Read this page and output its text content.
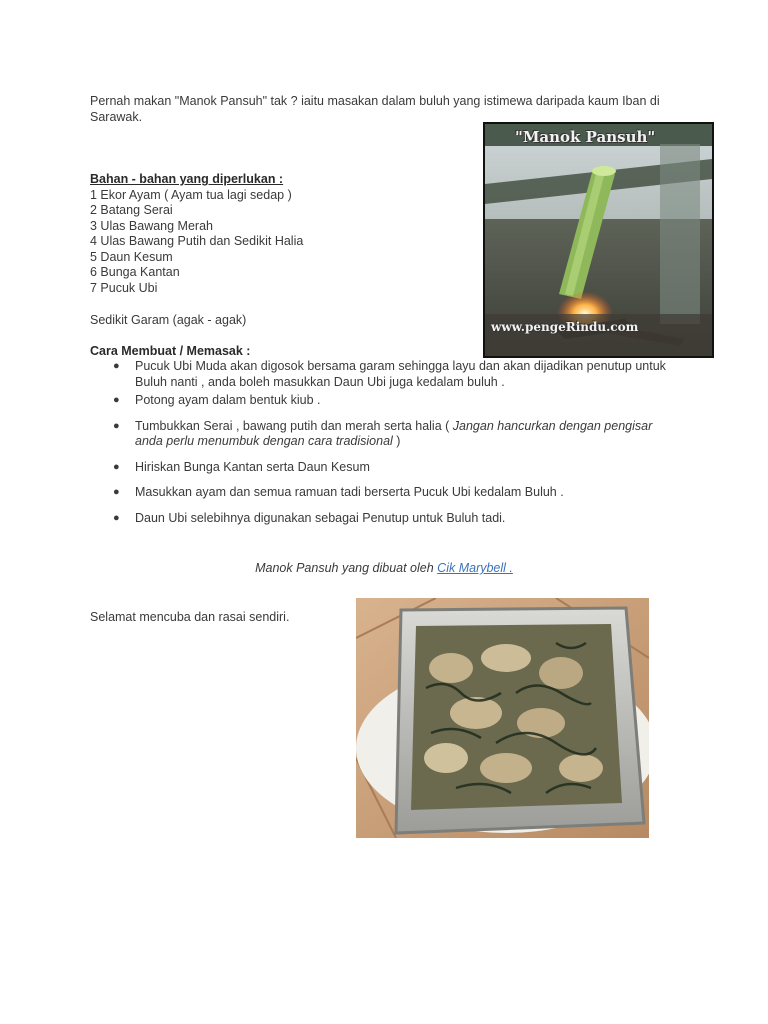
Pernah makan "Manok Pansuh" tak ? iaitu masakan dalam buluh yang istimewa daripada kaum Iban di Sarawak.
"Manok Pansuh"
www.pengeRindu.com
Bahan - bahan yang diperlukan :
1 Ekor Ayam ( Ayam tua lagi sedap )
2 Batang Serai
3 Ulas Bawang Merah
4 Ulas Bawang Putih dan Sedikit Halia
5 Daun Kesum
6 Bunga Kantan
7 Pucuk Ubi
Sedikit Garam (agak - agak)
Cara Membuat / Memasak :
● Pucuk Ubi Muda akan digosok bersama garam sehingga layu dan akan dijadikan penutup untuk Buluh nanti , anda boleh masukkan Daun Ubi juga kedalam buluh .
● Potong ayam dalam bentuk kiub .
● Tumbukkan Serai , bawang putih dan merah serta halia ( Jangan hancurkan dengan pengisar anda perlu menumbuk dengan cara tradisional )
● Hiriskan Bunga Kantan serta Daun Kesum
● Masukkan ayam dan semua ramuan tadi berserta Pucuk Ubi kedalam Buluh .
● Daun Ubi selebihnya digunakan sebagai Penutup untuk Buluh tadi.
Manok Pansuh yang dibuat oleh Cik Marybell .
Selamat mencuba dan rasai sendiri.
